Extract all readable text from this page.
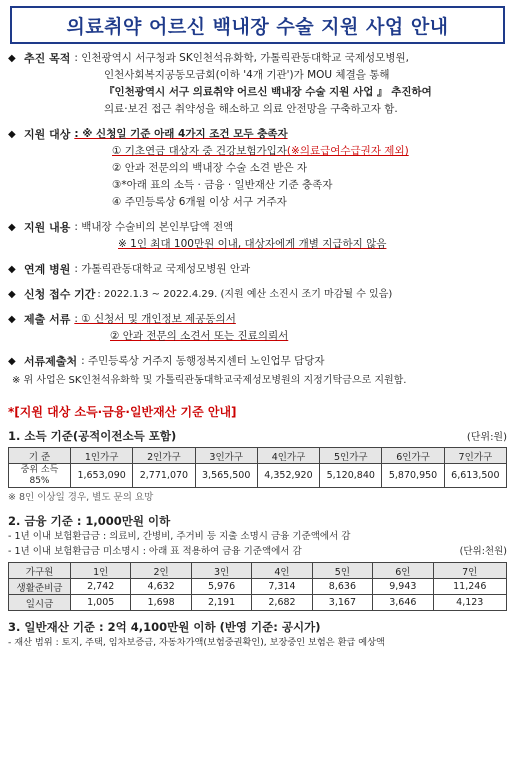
의료취약 어르신 백내장 수술 지원 사업 안내
◆ 추진 목적 : 인천광역시 서구청과 SK인천석유화학, 가톨릭관동대학교 국제성모병원,
인천사회복지공동모금회(이하 '4개 기관')가 MOU 체결을 통해
『인천광역시 서구 의료취약 어르신 백내장 수술 지원 사업 』 추진하여
의료·보건 접근 취약성을 해소하고 의료 안전망을 구축하고자 함.
◆ 지원 대상 : ※ 신청일 기준 아래 4가지 조건 모두 충족자
① 기초연금 대상자 중 건강보험가입자(※의료급여수급권자 제외)
② 안과 전문의의 백내장 수술 소견 받은 자
③*아래 표의 소득 · 금융 · 일반재산 기준 충족자
④ 주민등록상 6개월 이상 서구 거주자
◆ 지원 내용 : 백내장 수술비의 본인부담액 전액
※ 1인 최대 100만원 이내, 대상자에게 개별 지급하지 않음
◆ 연계 병원 : 가톨릭관동대학교 국제성모병원 안과
◆ 신청 접수 기간 : 2022.1.3 ~ 2022.4.29. (지원 예산 소진시 조기 마감될 수 있음)
◆ 제출 서류 : ① 신청서 및 개인정보 제공동의서
② 안과 전문의 소견서 또는 진료의뢰서
◆ 서류제출처 : 주민등록상 거주지 동행정복지센터 노인업무 담당자
※ 위 사업은 SK인천석유화학 및 가톨릭관동대학교국제성모병원의 지정기탁금으로 지원함.
*[지원 대상 소득·금융·일반재산 기준 안내]
1. 소득 기준(공적이전소득 포함)	(단위:원)
기 준	1인가구	2인가구	3인가구	4인가구	5인가구	6인가구	7인가구

중위 소득
85%	1,653,090	2,771,070	3,565,500	4,352,920	5,120,840	5,870,950	6,613,500
※ 8인 이상일 경우, 별도 문의 요망
2. 금융 기준 : 1,000만원 이하
- 1년 이내 보험환급금 : 의료비, 간병비, 주거비 등 지출 소명시 금융 기준액에서 감
- 1년 이내 보험환급금 미소명시 : 아래 표 적용하여 금융 기준액에서 감	(단위:천원)
가구원	1인	2인	3인	4인	5인	6인	7인
생활준비금	2,742	4,632	5,976	7,314	8,636	9,943	11,246
일시금	1,005	1,698	2,191	2,682	3,167	3,646	4,123
3. 일반재산 기준 : 2억 4,100만원 이하 (반영 기준: 공시가)
- 재산 범위 : 토지, 주택, 임차보증금, 자동차가액(보험중권확인), 보장중인 보험은 환급 예상액
